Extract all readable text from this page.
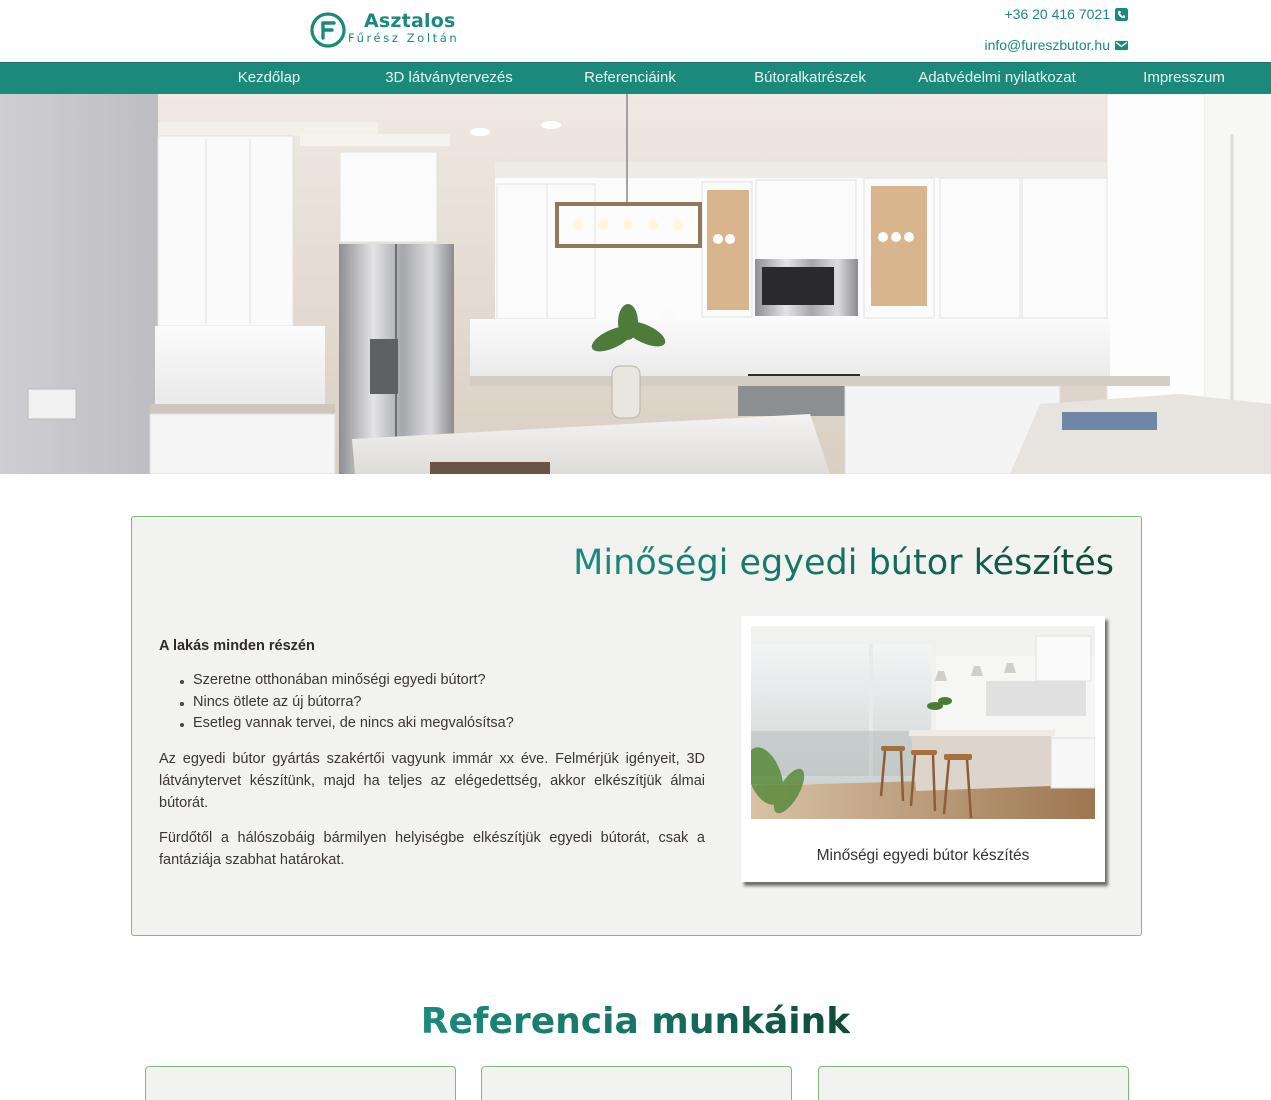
Asztalos
Fűrész Zoltán
+36 20 416 7021
info@fureszbutor.hu
Kezdőlap	3D látványtervezés	Referenciáink	Bútoralkatrészek	Adatvédelmi nyilatkozat	Impresszum
Minőségi egyedi bútor készítés
A lakás minden részén
Szeretne otthonában minőségi egyedi bútort?
Nincs ötlete az új bútorra?
Esetleg vannak tervei, de nincs aki megvalósítsa?

Az egyedi bútor gyártás szakértői vagyunk immár xx éve. Felmérjük igényeit, 3D látványtervet készítünk, majd ha teljes az elégedettség, akkor elkészítjük álmai bútorát.

Fürdőtől a hálószobáig bármilyen helyiségbe elkészítjük egyedi bútorát, csak a fantáziája szabhat határokat.	Minőségi egyedi bútor készítés
Referencia munkáink
